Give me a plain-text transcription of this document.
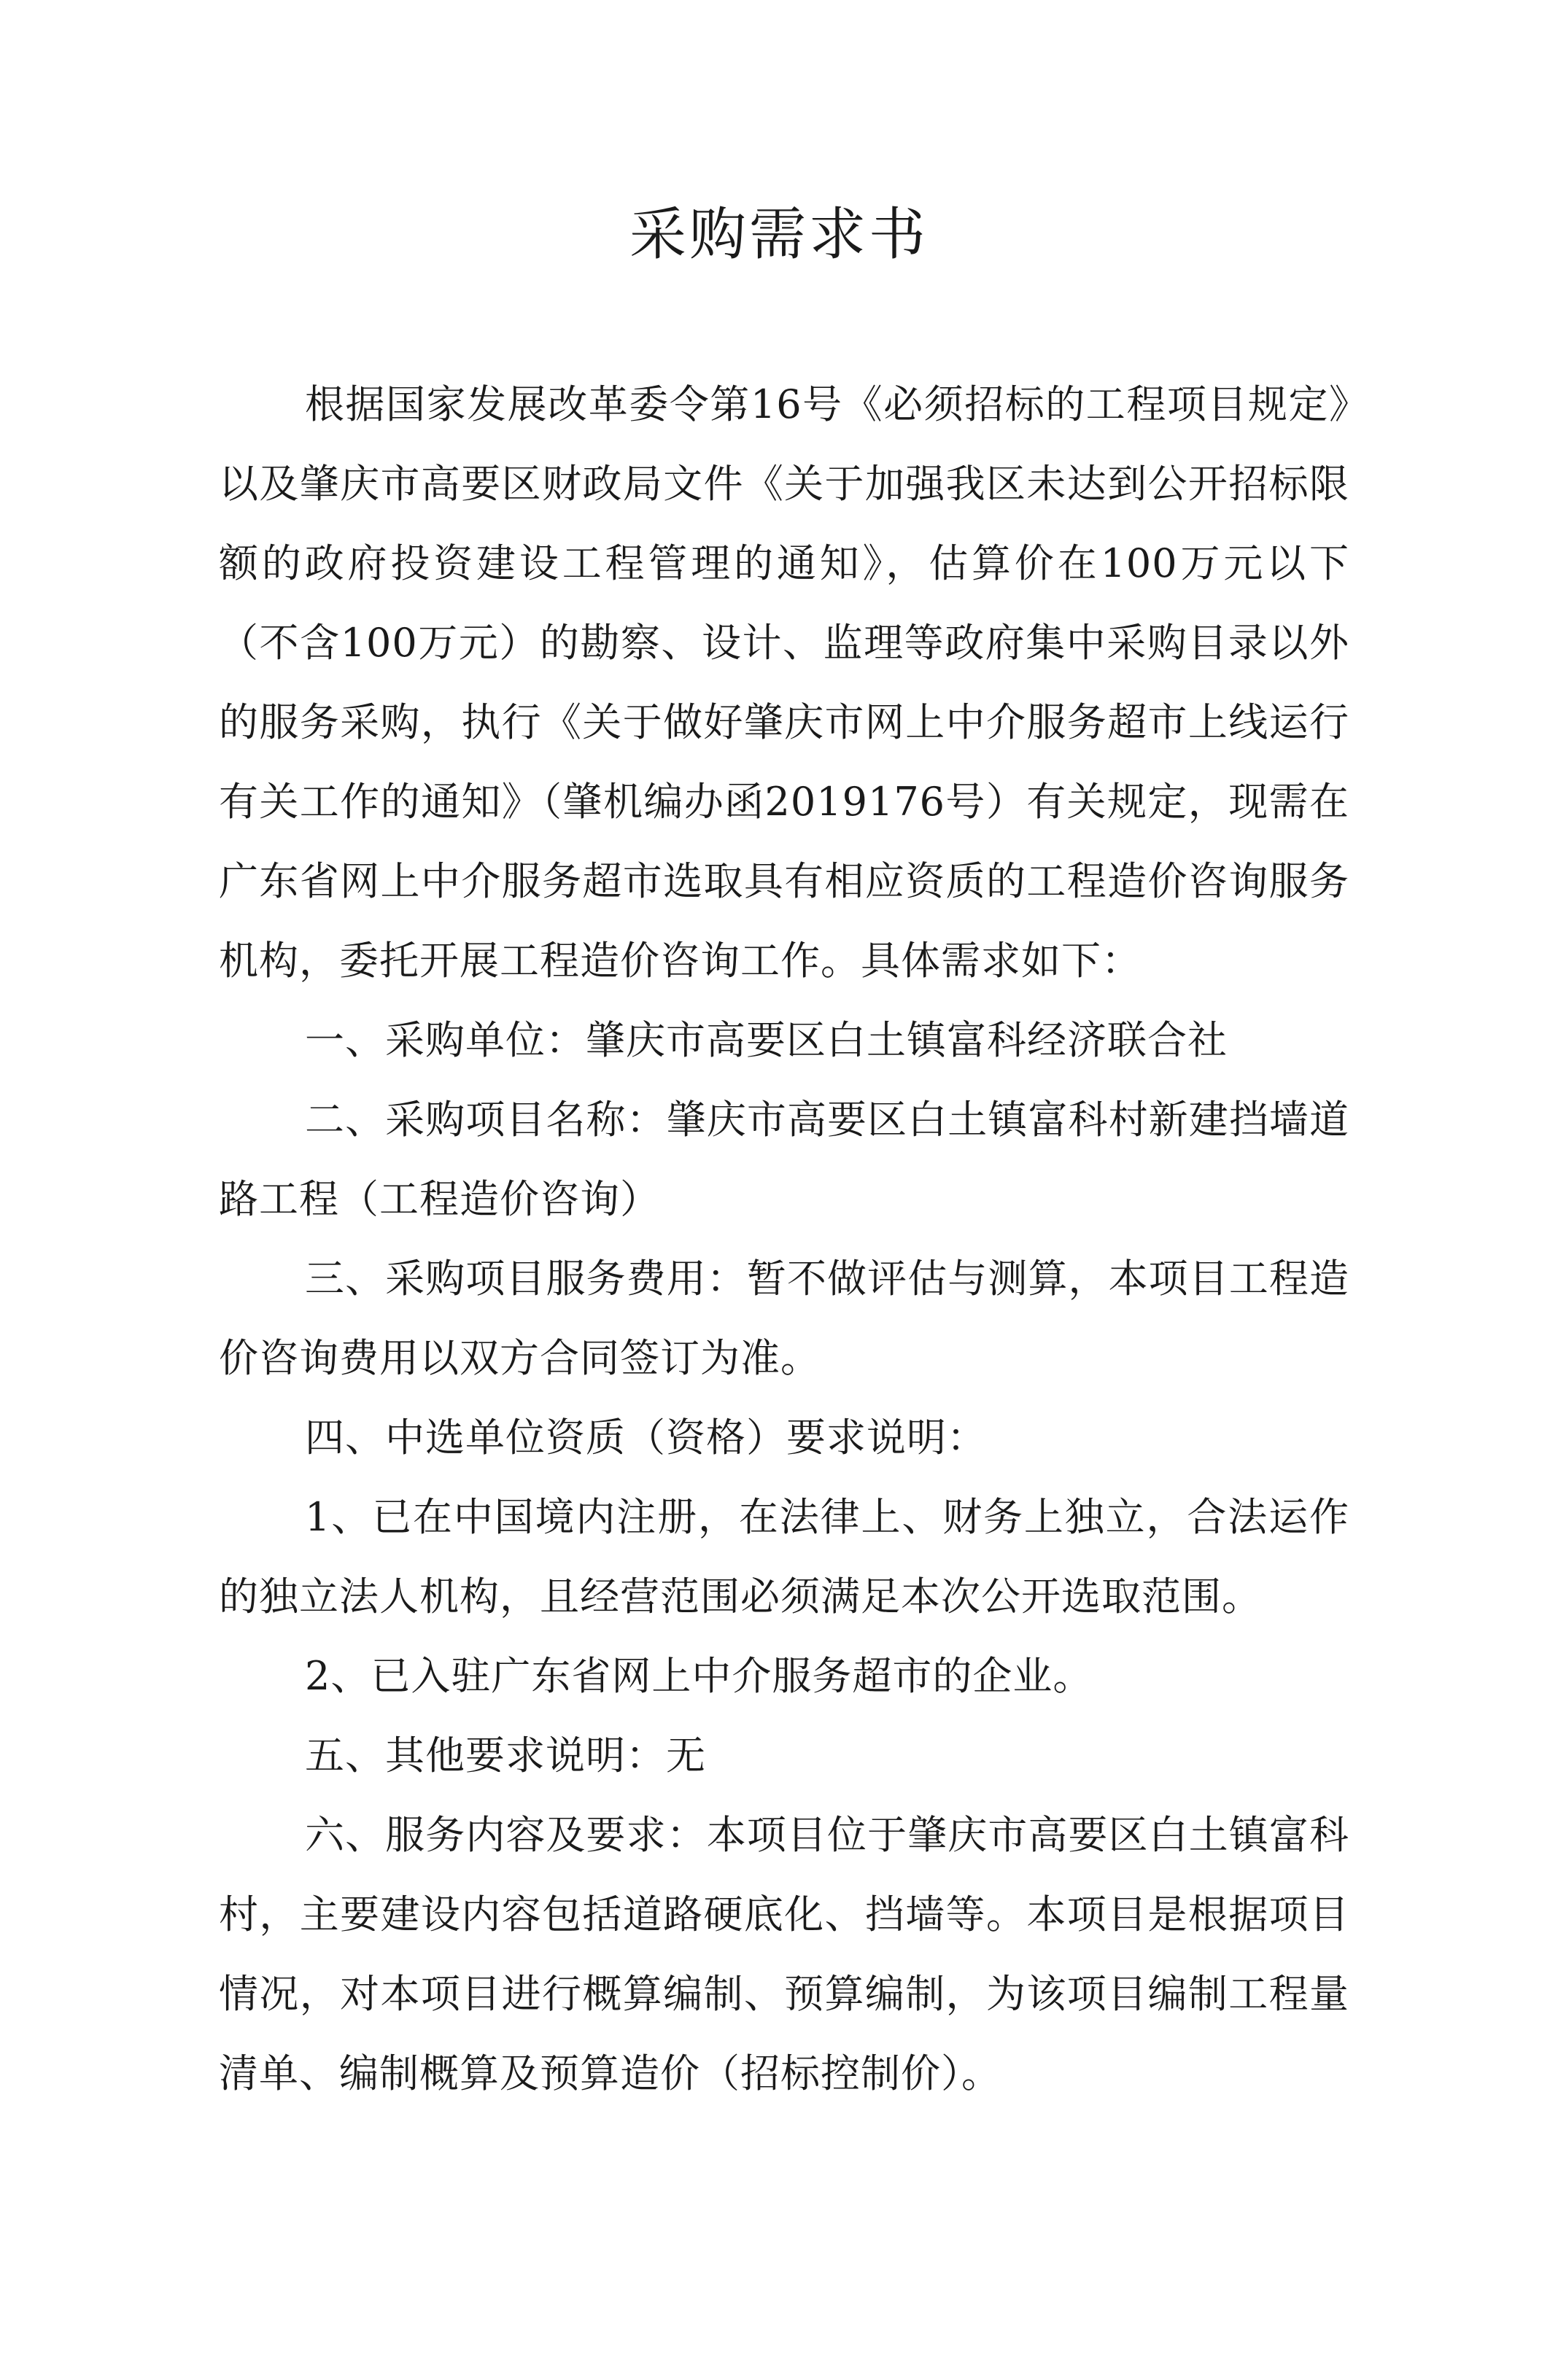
采购需求书

根据国家发展改革委令第16号《必须招标的工程项目规定》以及肇庆市高要区财政局文件《关于加强我区未达到公开招标限额的政府投资建设工程管理的通知》，估算价在100万元以下（不含100万元）的勘察、设计、监理等政府集中采购目录以外的服务采购，执行《关于做好肇庆市网上中介服务超市上线运行有关工作的通知》（肇机编办函2019176号）有关规定，现需在广东省网上中介服务超市选取具有相应资质的工程造价咨询服务机构，委托开展工程造价咨询工作。具体需求如下：

一、采购单位：肇庆市高要区白土镇富科经济联合社

二、采购项目名称：肇庆市高要区白土镇富科村新建挡墙道路工程（工程造价咨询）

三、采购项目服务费用：暂不做评估与测算，本项目工程造价咨询费用以双方合同签订为准。

四、中选单位资质（资格）要求说明：

1、已在中国境内注册，在法律上、财务上独立，合法运作的独立法人机构，且经营范围必须满足本次公开选取范围。

2、已入驻广东省网上中介服务超市的企业。

五、其他要求说明：无

六、服务内容及要求：本项目位于肇庆市高要区白土镇富科村，主要建设内容包括道路硬底化、挡墙等。本项目是根据项目情况，对本项目进行概算编制、预算编制，为该项目编制工程量清单、编制概算及预算造价（招标控制价）。
